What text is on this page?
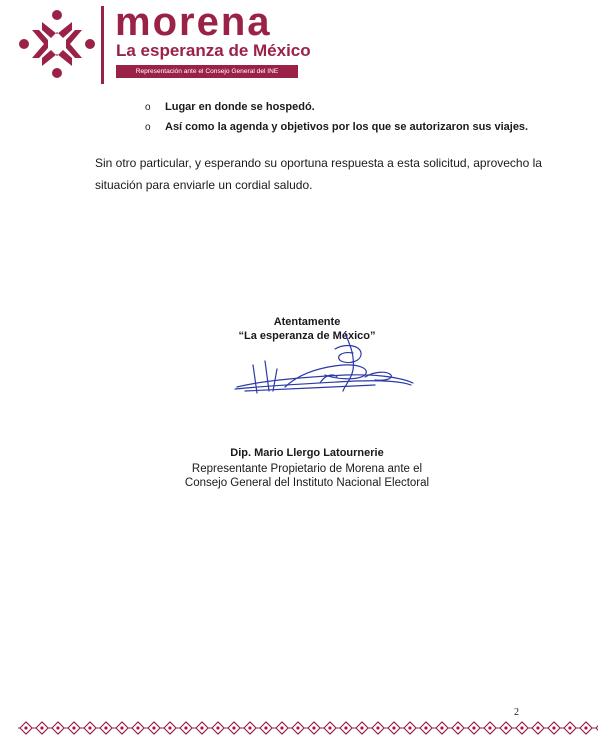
morena
La esperanza de México
Representación ante el Consejo General del INE
o Lugar en donde se hospedó.
o Así como la agenda y objetivos por los que se autorizaron sus viajes.

Sin otro particular, y esperando su oportuna respuesta a esta solicitud, aprovecho la situación para enviarle un cordial saludo.

Atentamente
“La esperanza de México”
Dip. Mario Llergo Latournerie
Representante Propietario de Morena ante el
Consejo General del Instituto Nacional Electoral
2
